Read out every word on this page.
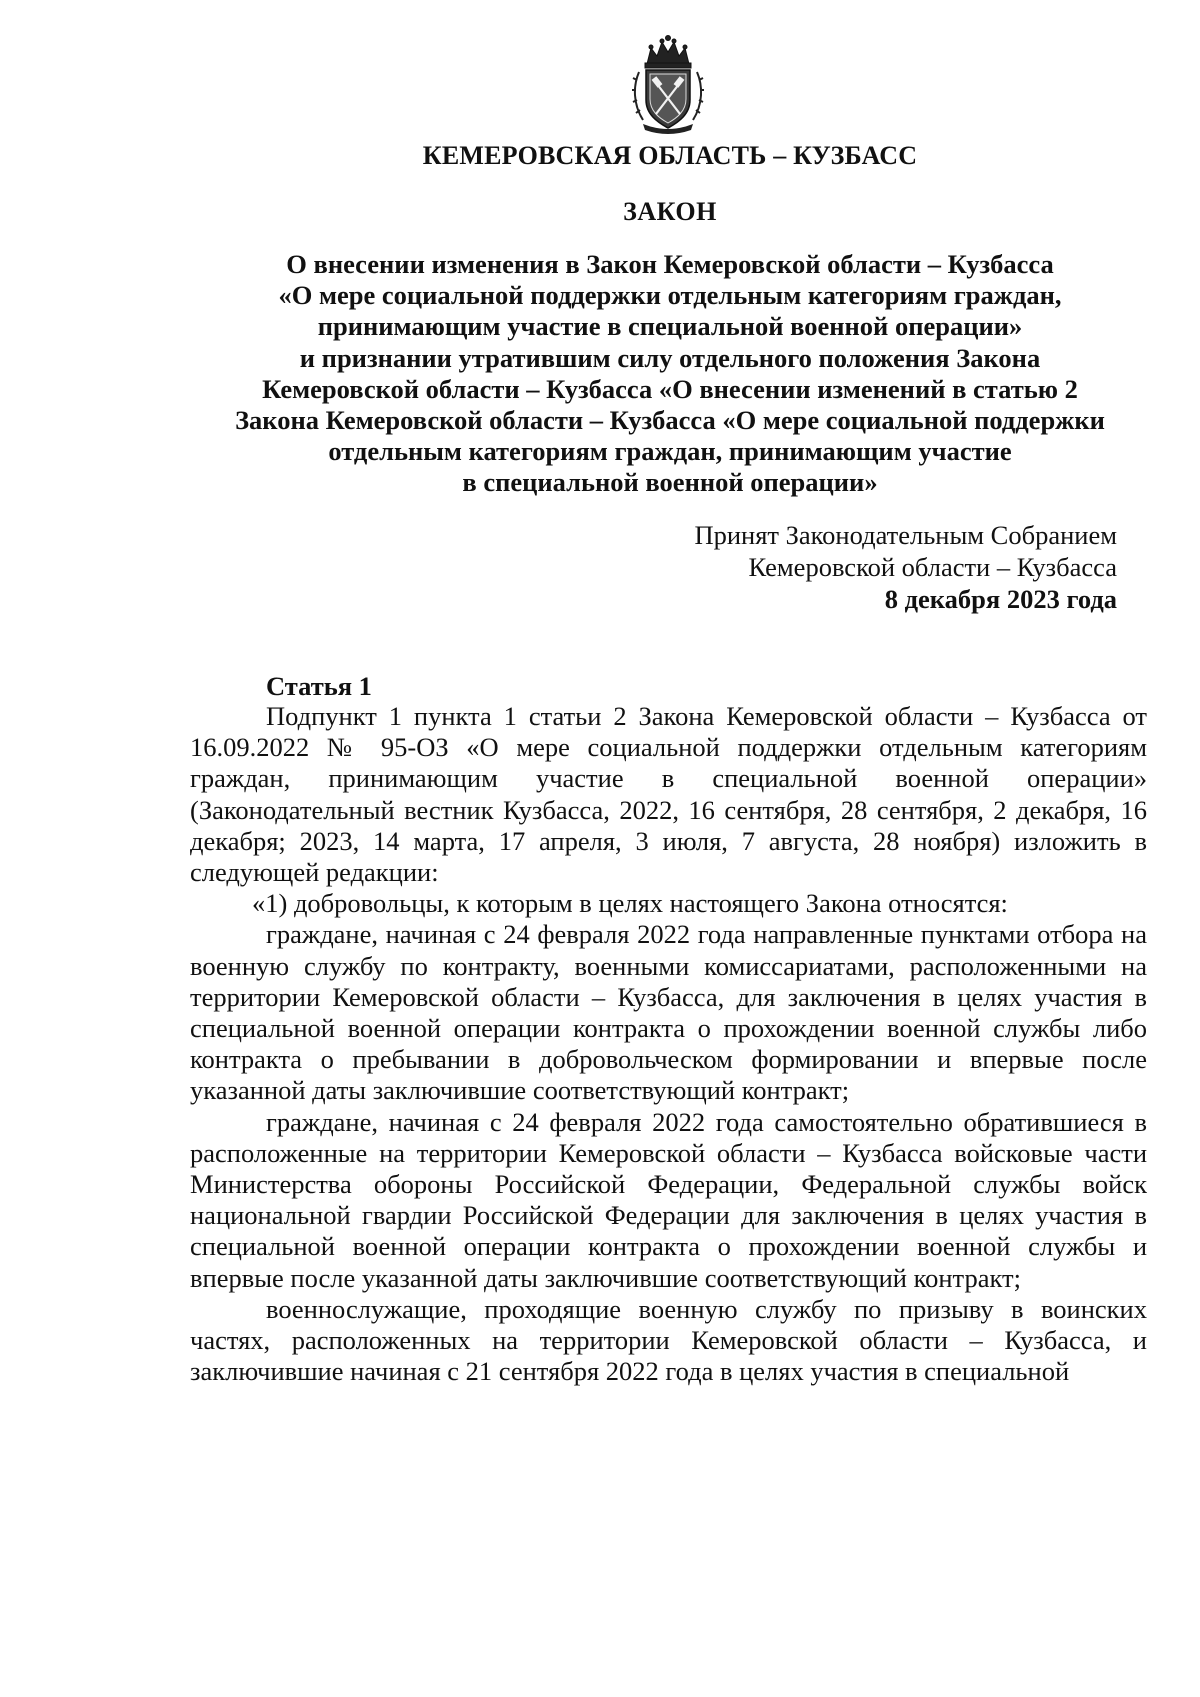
КЕМЕРОВСКАЯ ОБЛАСТЬ – КУЗБАСС
ЗАКОН
О внесении изменения в Закон Кемеровской области – Кузбасса
«О мере социальной поддержки отдельным категориям граждан,
принимающим участие в специальной военной операции»
и признании утратившим силу отдельного положения Закона
Кемеровской области – Кузбасса «О внесении изменений в статью 2
Закона Кемеровской области – Кузбасса «О мере социальной поддержки
отдельным категориям граждан, принимающим участие
в специальной военной операции»
Принят Законодательным Собранием
Кемеровской области – Кузбасса
8 декабря 2023 года
Статья 1

Подпункт 1 пункта 1 статьи 2 Закона Кемеровской области – Кузбасса от 16.09.2022 № 95-ОЗ «О мере социальной поддержки отдельным категориям граждан, принимающим участие в специальной военной операции» (Законодательный вестник Кузбасса, 2022, 16 сентября, 28 сентября, 2 декабря, 16 декабря; 2023, 14 марта, 17 апреля, 3 июля, 7 августа, 28 ноября) изложить в следующей редакции:

«1) добровольцы, к которым в целях настоящего Закона относятся:

граждане, начиная с 24 февраля 2022 года направленные пунктами отбора на военную службу по контракту, военными комиссариатами, расположенными на территории Кемеровской области – Кузбасса, для заключения в целях участия в специальной военной операции контракта о прохождении военной службы либо контракта о пребывании в добровольческом формировании и впервые после указанной даты заключившие соответствующий контракт;

граждане, начиная с 24 февраля 2022 года самостоятельно обратившиеся в расположенные на территории Кемеровской области – Кузбасса войсковые части Министерства обороны Российской Федерации, Федеральной службы войск национальной гвардии Российской Федерации для заключения в целях участия в специальной военной операции контракта о прохождении военной службы и впервые после указанной даты заключившие соответствующий контракт;

военнослужащие, проходящие военную службу по призыву в воинских частях, расположенных на территории Кемеровской области – Кузбасса, и заключившие начиная с 21 сентября 2022 года в целях участия в специальной
